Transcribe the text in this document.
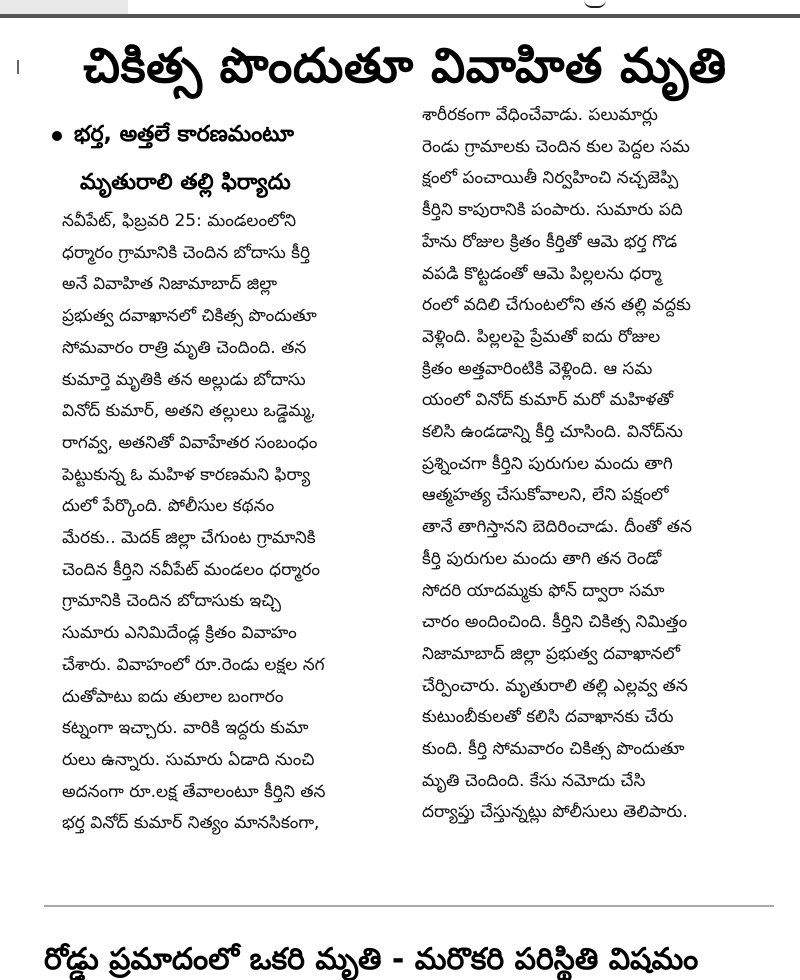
చికిత్స పొందుతూ వివాహిత మృతి
భర్త, అత్తలే కారణమంటూ
మృతురాలి తల్లి ఫిర్యాదు
నవీపేట్, ఫిబ్రవరి 25: మండలంలోని
ధర్మారం గ్రామానికి చెందిన బోదాసు కీర్తి
అనే వివాహిత నిజామాబాద్ జిల్లా
ప్రభుత్వ దవాఖానలో చికిత్స పొందుతూ
సోమవారం రాత్రి మృతి చెందింది. తన
కుమార్తె మృతికి తన అల్లుడు బోదాసు
వినోద్ కుమార్, అతని తల్లులు ఒడ్డెమ్మ,
రాగవ్వ, అతనితో వివాహేతర సంబంధం
పెట్టుకున్న ఓ మహిళ కారణమని ఫిర్యా
దులో పేర్కొంది. పోలీసుల కథనం
మేరకు.. మెదక్ జిల్లా చేగుంట గ్రామానికి
చెందిన కీర్తిని నవీపేట్ మండలం ధర్మారం
గ్రామానికి చెందిన బోదాసుకు ఇచ్చి
సుమారు ఎనిమిదేండ్ల క్రితం వివాహం
చేశారు. వివాహంలో రూ.రెండు లక్షల నగ
దుతోపాటు ఐదు తులాల బంగారం
కట్నంగా ఇచ్చారు. వారికి ఇద్దరు కుమా
రులు ఉన్నారు. సుమారు ఏడాది నుంచి
అదనంగా రూ.లక్ష తేవాలంటూ కీర్తిని తన
భర్త వినోద్ కుమార్ నిత్యం మానసికంగా,
శారీరకంగా వేధించేవాడు. పలుమార్లు
రెండు గ్రామాలకు చెందిన కుల పెద్దల సమ
క్షంలో పంచాయితీ నిర్వహించి నచ్చజెప్పి
కీర్తిని కాపురానికి పంపారు. సుమారు పది
హేను రోజుల క్రితం కీర్తితో ఆమె భర్త గొడ
వపడి కొట్టడంతో ఆమె పిల్లలను ధర్మా
రంలో వదిలి చేగుంటలోని తన తల్లి వద్దకు
వెళ్లింది. పిల్లలపై ప్రేమతో ఐదు రోజుల
క్రితం అత్తవారింటికి వెళ్లింది. ఆ సమ
యంలో వినోద్ కుమార్ మరో మహిళతో
కలిసి ఉండడాన్ని కీర్తి చూసింది. వినోద్‌ను
ప్రశ్నించగా కీర్తిని పురుగుల మందు తాగి
ఆత్మహత్య చేసుకోవాలని, లేని పక్షంలో
తానే తాగిస్తానని బెదిరించాడు. దీంతో తన
కీర్తి పురుగుల మందు తాగి తన రెండో
సోదరి యాదమ్మకు ఫోన్ ద్వారా సమా
చారం అందించింది. కీర్తిని చికిత్స నిమిత్తం
నిజామాబాద్ జిల్లా ప్రభుత్వ దవాఖానలో
చేర్పించారు. మృతురాలి తల్లి ఎల్లవ్వ తన
కుటుంబీకులతో కలిసి దవాఖానకు చేరు
కుంది. కీర్తి సోమవారం చికిత్స పొందుతూ
మృతి చెందింది. కేసు నమోదు చేసి
దర్యాప్తు చేస్తున్నట్లు పోలీసులు తెలిపారు.
రోడ్డు ప్రమాదంలో ఒకరి మృతి - మరొకరి పరిస్థితి విషమం
